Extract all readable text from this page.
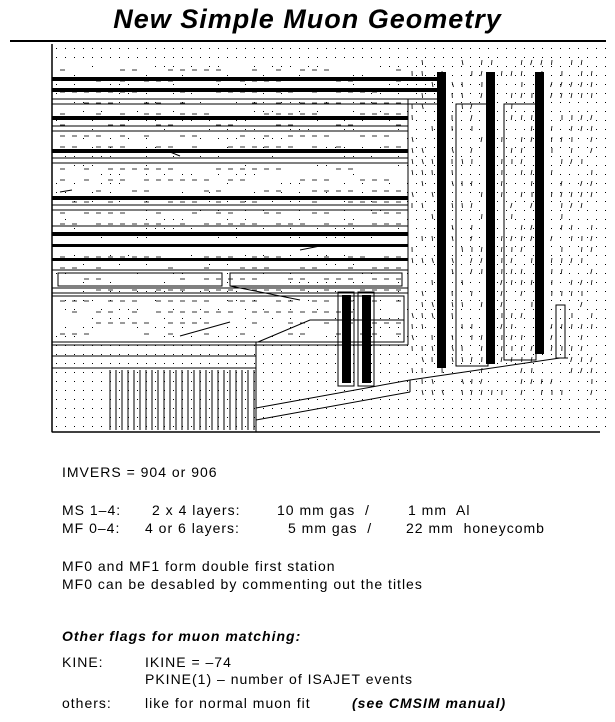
New Simple Muon Geometry
IMVERS = 904 or 906
MS 1–4: 2 x 4 layers:	10 mm gas  /	1 mm  Al
MF 0–4: 4 or 6 layers:	5 mm gas  / 22 mm  honeycomb
MF0 and MF1 form double first station
MF0 can be desabled by commenting out the titles
Other flags for muon matching:
KINE:	IKINE = –74
PKINE(1) – number of ISAJET events
others: like for normal muon fit	(see CMSIM manual)
